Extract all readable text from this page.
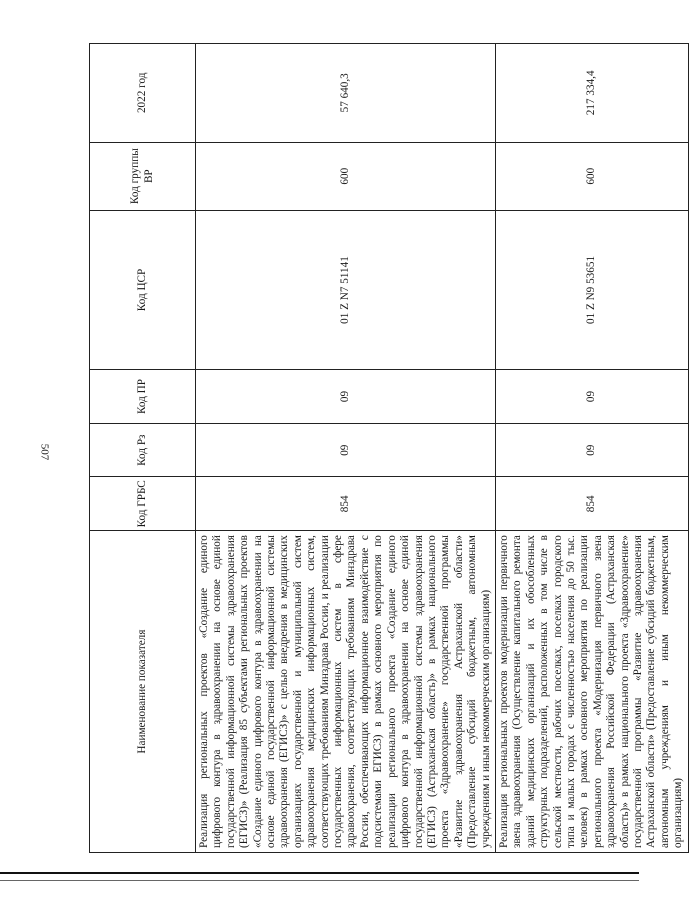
507
Наименование показателя	Код ГРБС	Код Рз	Код ПР	Код ЦСР	Код группы ВР	2022 год
Реализация региональных проектов «Создание единого цифрового контура в здравоохранении на основе единой государственной информационной системы здравоохранения (ЕГИСЗ)» (Реализация 85 субъектами региональных проектов «Создание единого цифрового контура в здравоохранении на основе единой государственной информационной системы здравоохранения (ЕГИСЗ)» с целью внедрения в медицинских организациях государственной и муниципальной систем здравоохранения медицинских информационных систем, соответствующих требованиям Минздрава России, и реализации государственных информационных систем в сфере здравоохранения, соответствующих требованиям Минздрава России, обеспечивающих информационное взаимодействие с подсистемами ЕГИСЗ) в рамках основного мероприятия по реализации регионального проекта «Создание единого цифрового контура в здравоохранении на основе единой государственной информационной системы здравоохранения (ЕГИСЗ) (Астраханская область)» в рамках национального проекта «Здравоохранение» государственной программы «Развитие здравоохранения Астраханской области» (Предоставление субсидий бюджетным, автономным учреждениям и иным некоммерческим организациям)	854	09	09	01 Z N7 51141	600	57 640,3
Реализация региональных проектов модернизации первичного звена здравоохранения (Осуществление капитального ремонта зданий медицинских организаций и их обособленных структурных подразделений, расположенных в том числе в сельской местности, рабочих поселках, поселках городского типа и малых городах с численностью населения до 50 тыс. человек) в рамках основного мероприятия по реализации регионального проекта «Модернизация первичного звена здравоохранения Российской Федерации (Астраханская область)» в рамках национального проекта «Здравоохранение» государственной программы «Развитие здравоохранения Астраханской области» (Предоставление субсидий бюджетным, автономным учреждениям и иным некоммерческим организациям)	854	09	09	01 Z N9 53651	600	217 334,4
